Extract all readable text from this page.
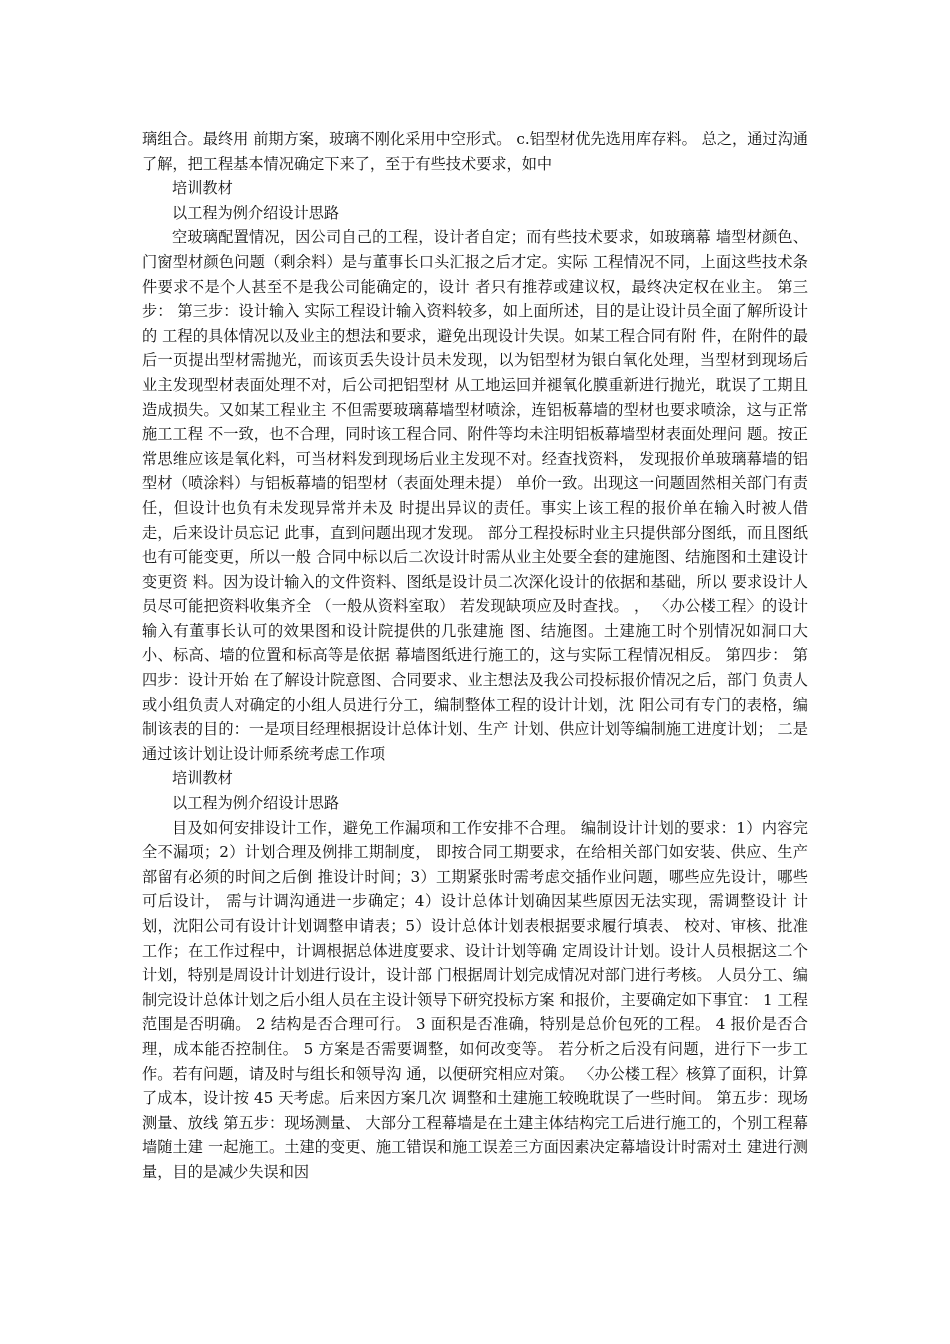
璃组合。最终用 前期方案，玻璃不刚化采用中空形式。 c.铝型材优先选用库存料。 总之，通过沟通了解，把工程基本情况确定下来了，至于有些技术要求，如中

培训教材

以工程为例介绍设计思路

空玻璃配置情况，因公司自己的工程，设计者自定；而有些技术要求，如玻璃幕 墙型材颜色、门窗型材颜色问题（剩余料）是与董事长口头汇报之后才定。实际 工程情况不同，上面这些技术条件要求不是个人甚至不是我公司能确定的，设计 者只有推荐或建议权，最终决定权在业主。 第三步： 第三步：设计输入 实际工程设计输入资料较多，如上面所述，目的是让设计员全面了解所设计的 工程的具体情况以及业主的想法和要求，避免出现设计失误。如某工程合同有附 件，在附件的最后一页提出型材需抛光，而该页丢失设计员未发现，以为铝型材为银白氧化处理，当型材到现场后业主发现型材表面处理不对，后公司把铝型材 从工地运回并褪氧化膜重新进行抛光，耽误了工期且造成损失。又如某工程业主 不但需要玻璃幕墙型材喷涂，连铝板幕墙的型材也要求喷涂，这与正常施工工程 不一致，也不合理，同时该工程合同、附件等均未注明铝板幕墙型材表面处理问 题。按正常思维应该是氧化料，可当材料发到现场后业主发现不对。经查找资料， 发现报价单玻璃幕墙的铝型材（喷涂料）与铝板幕墙的铝型材（表面处理未提） 单价一致。出现这一问题固然相关部门有责任，但设计也负有未发现异常并未及 时提出异议的责任。事实上该工程的报价单在输入时被人借走，后来设计员忘记 此事，直到问题出现才发现。 部分工程投标时业主只提供部分图纸，而且图纸也有可能变更，所以一般 合同中标以后二次设计时需从业主处要全套的建施图、结施图和土建设计变更资 料。因为设计输入的文件资料、图纸是设计员二次深化设计的依据和基础，所以 要求设计人员尽可能把资料收集齐全 （一般从资料室取） 若发现缺项应及时查找。 ， 〈办公楼工程〉的设计输入有董事长认可的效果图和设计院提供的几张建施 图、结施图。土建施工时个别情况如洞口大小、标高、墙的位置和标高等是依据 幕墙图纸进行施工的，这与实际工程情况相反。 第四步： 第四步：设计开始 在了解设计院意图、合同要求、业主想法及我公司投标报价情况之后，部门 负责人或小组负责人对确定的小组人员进行分工，编制整体工程的设计计划，沈 阳公司有专门的表格，编制该表的目的：一是项目经理根据设计总体计划、生产 计划、供应计划等编制施工进度计划； 二是通过该计划让设计师系统考虑工作项

培训教材

以工程为例介绍设计思路

目及如何安排设计工作，避免工作漏项和工作安排不合理。 编制设计计划的要求：1）内容完全不漏项；2）计划合理及例排工期制度， 即按合同工期要求，在给相关部门如安装、供应、生产部留有必须的时间之后倒 推设计时间；3）工期紧张时需考虑交插作业问题，哪些应先设计，哪些可后设计， 需与计调沟通进一步确定；4）设计总体计划确因某些原因无法实现，需调整设计 计划，沈阳公司有设计计划调整申请表；5）设计总体计划表根据要求履行填表、 校对、审核、批准工作；在工作过程中，计调根据总体进度要求、设计计划等确 定周设计计划。设计人员根据这二个计划，特别是周设计计划进行设计，设计部 门根据周计划完成情况对部门进行考核。 人员分工、编制完设计总体计划之后小组人员在主设计领导下研究投标方案 和报价，主要确定如下事宜： 1 工程范围是否明确。 2 结构是否合理可行。 3 面积是否准确，特别是总价包死的工程。 4 报价是否合理，成本能否控制住。 5 方案是否需要调整，如何改变等。 若分析之后没有问题，进行下一步工作。若有问题，请及时与组长和领导沟 通，以便研究相应对策。 〈办公楼工程〉核算了面积，计算了成本，设计按 45 天考虑。后来因方案几次 调整和土建施工较晚耽误了一些时间。 第五步：现场测量、放线 第五步：现场测量、 大部分工程幕墙是在土建主体结构完工后进行施工的，个别工程幕墙随土建 一起施工。土建的变更、施工错误和施工误差三方面因素决定幕墙设计时需对土 建进行测量，目的是减少失误和因
